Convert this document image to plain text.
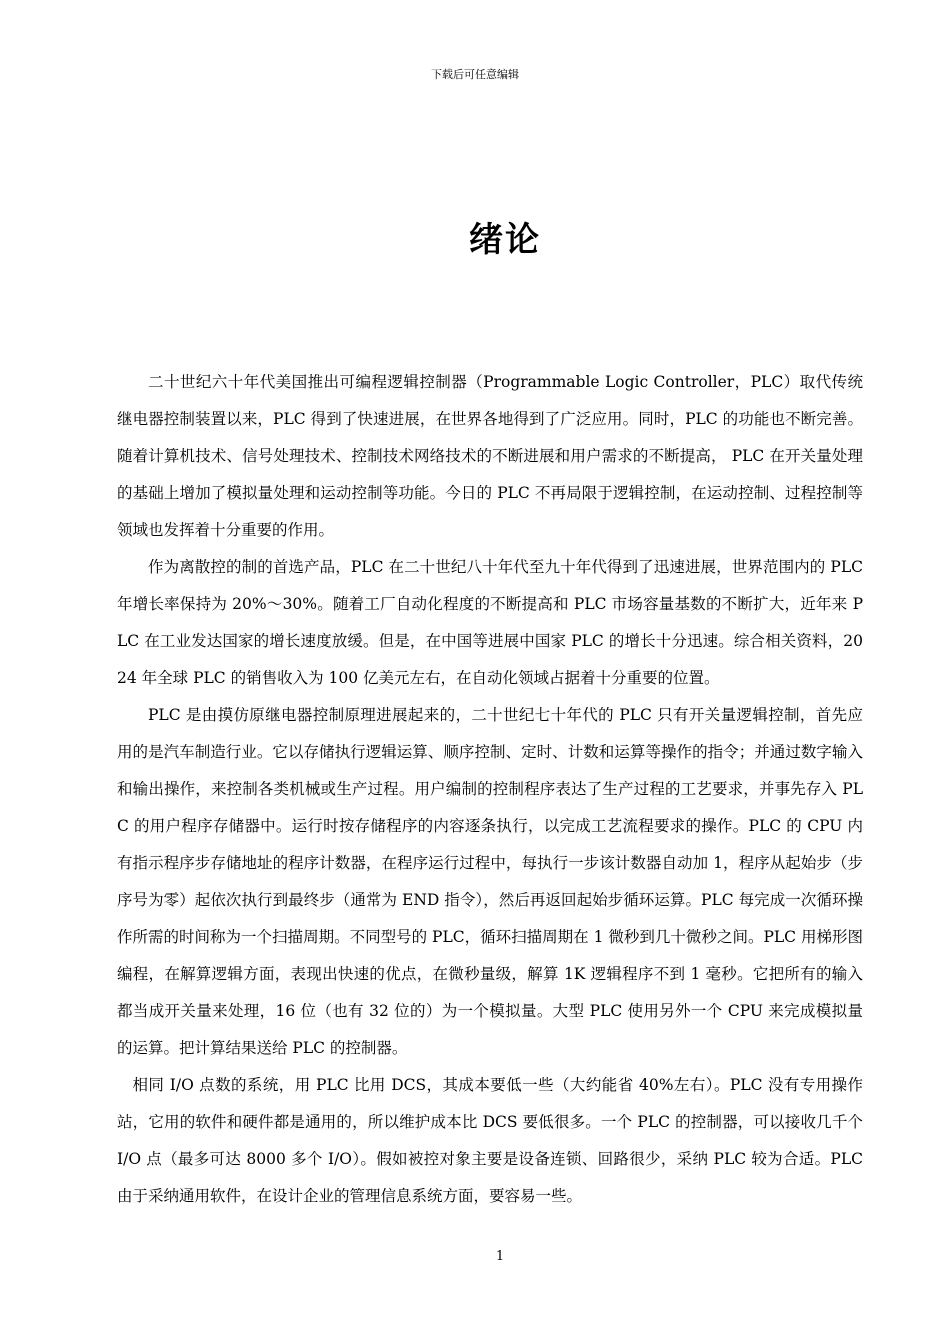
下载后可任意编辑
绪论

二十世纪六十年代美国推出可编程逻辑控制器（Programmable Logic Controller，PLC）取代传统继电器控制装置以来，PLC 得到了快速进展，在世界各地得到了广泛应用。同时，PLC 的功能也不断完善。随着计算机技术、信号处理技术、控制技术网络技术的不断进展和用户需求的不断提高， PLC 在开关量处理的基础上增加了模拟量处理和运动控制等功能。今日的 PLC 不再局限于逻辑控制，在运动控制、过程控制等领域也发挥着十分重要的作用。

作为离散控的制的首选产品，PLC 在二十世纪八十年代至九十年代得到了迅速进展，世界范围内的 PLC 年增长率保持为 20%～30%。随着工厂自动化程度的不断提高和 PLC 市场容量基数的不断扩大，近年来 PLC 在工业发达国家的增长速度放缓。但是，在中国等进展中国家 PLC 的增长十分迅速。综合相关资料，2024 年全球 PLC 的销售收入为 100 亿美元左右，在自动化领域占据着十分重要的位置。

PLC 是由摸仿原继电器控制原理进展起来的，二十世纪七十年代的 PLC 只有开关量逻辑控制，首先应用的是汽车制造行业。它以存储执行逻辑运算、顺序控制、定时、计数和运算等操作的指令；并通过数字输入和输出操作，来控制各类机械或生产过程。用户编制的控制程序表达了生产过程的工艺要求，并事先存入 PLC 的用户程序存储器中。运行时按存储程序的内容逐条执行，以完成工艺流程要求的操作。PLC 的 CPU 内有指示程序步存储地址的程序计数器，在程序运行过程中，每执行一步该计数器自动加 1，程序从起始步（步序号为零）起依次执行到最终步（通常为 END 指令），然后再返回起始步循环运算。PLC 每完成一次循环操作所需的时间称为一个扫描周期。不同型号的 PLC，循环扫描周期在 1 微秒到几十微秒之间。PLC 用梯形图编程，在解算逻辑方面，表现出快速的优点，在微秒量级，解算 1K 逻辑程序不到 1 毫秒。它把所有的输入都当成开关量来处理，16 位（也有 32 位的）为一个模拟量。大型 PLC 使用另外一个 CPU 来完成模拟量的运算。把计算结果送给 PLC 的控制器。

相同 I/O 点数的系统，用 PLC 比用 DCS，其成本要低一些（大约能省 40%左右）。PLC 没有专用操作站，它用的软件和硬件都是通用的，所以维护成本比 DCS 要低很多。一个 PLC 的控制器，可以接收几千个 I/O 点（最多可达 8000 多个 I/O）。假如被控对象主要是设备连锁、回路很少，采纳 PLC 较为合适。PLC 由于采纳通用软件，在设计企业的管理信息系统方面，要容易一些。

1
